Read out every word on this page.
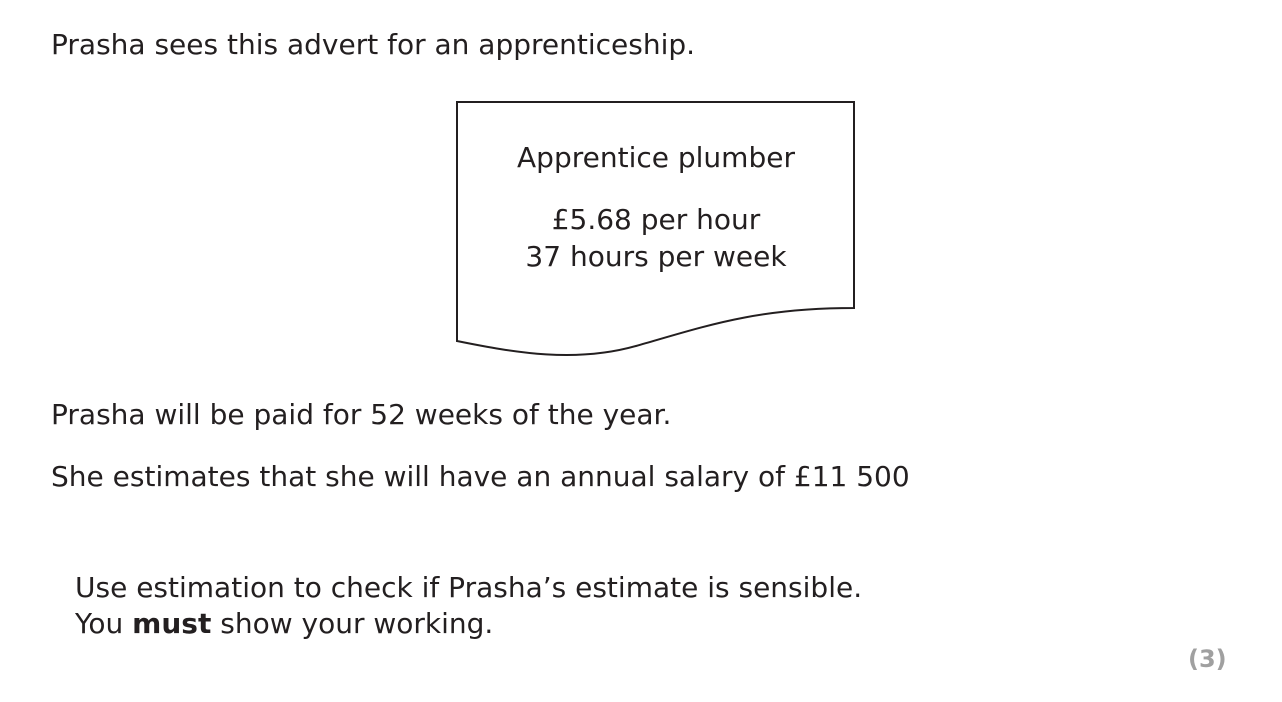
Prasha sees this advert for an apprenticeship.

Apprentice plumber
£5.68 per hour
37 hours per week

Prasha will be paid for 52 weeks of the year.

She estimates that she will have an annual salary of £11 500

Use estimation to check if Prasha’s estimate is sensible.

You must show your working.

(3)
